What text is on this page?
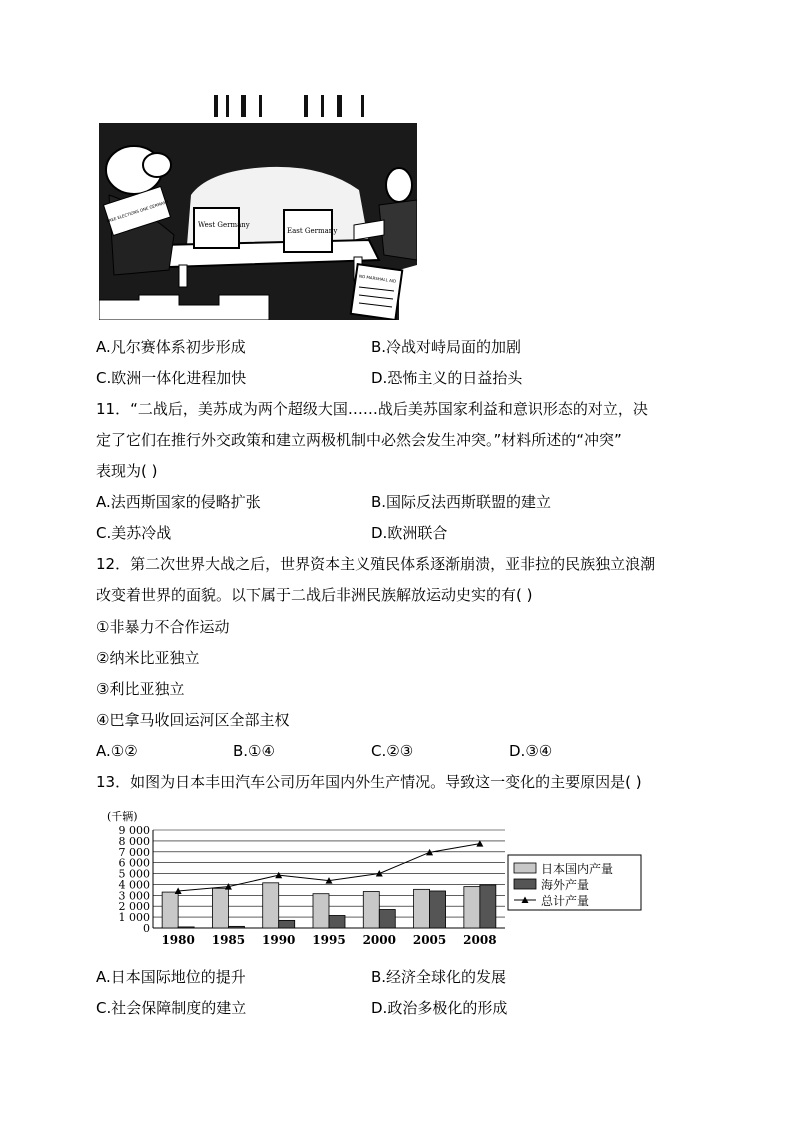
West Germany
East Germany
FREE ELECTIONS ONE GERMANY
NO MARSHALL AID
A.凡尔赛体系初步形成	B.冷战对峙局面的加剧
C.欧洲一体化进程加快	D.恐怖主义的日益抬头
11．“二战后，美苏成为两个超级大国……战后美苏国家利益和意识形态的对立，决
定了它们在推行外交政策和建立两极机制中必然会发生冲突。”材料所述的“冲突”
表现为( )
A.法西斯国家的侵略扩张	B.国际反法西斯联盟的建立
C.美苏冷战	D.欧洲联合
12．第二次世界大战之后，世界资本主义殖民体系逐渐崩溃，亚非拉的民族独立浪潮
改变着世界的面貌。以下属于二战后非洲民族解放运动史实的有( )
①非暴力不合作运动
②纳米比亚独立
③利比亚独立
④巴拿马收回运河区全部主权
A.①②	B.①④	C.②③	D.③④
13．如图为日本丰田汽车公司历年国内外生产情况。导致这一变化的主要原因是( )
(千辆)
0
1 000
2 000
3 000
4 000
5 000
6 000
7 000
8 000
9 000
1980 1985 1990 1995 2000 2005 2008
日本国内产量
海外产量
总计产量
A.日本国际地位的提升	B.经济全球化的发展
C.社会保障制度的建立	D.政治多极化的形成
